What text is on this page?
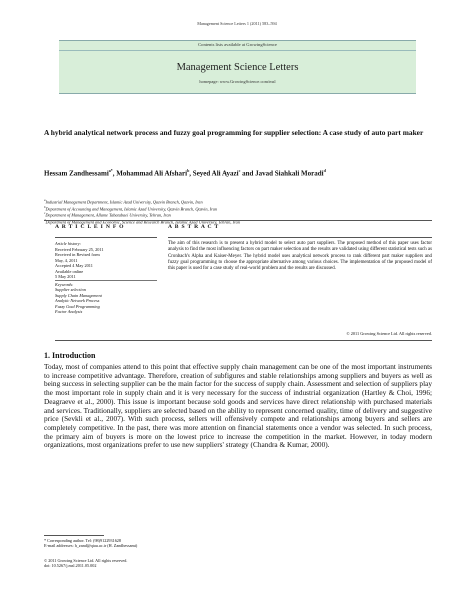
Management Science Letters 1 (2011) 583–594
Contents lists available at GrowingScience
Management Science Letters
homepage: www.GrowingScience.com/msl
A hybrid analytical network process and fuzzy goal programming for supplier selection: A case study of auto part maker
Hessam Zandhessami$^{a*}$, Mohammad Ali Afshari$^b$, Seyed Ali Ayazi$^c$ and Javad Siahkali Moradi$^d$
$^a$Industrial Management Department, Islamic Azad University, Qazvin Branch, Qazvin, Iran
$^b$Department of Accounting and Management, Islamic Azad University, Qazvin Branch, Qazvin, Iran
$^c$Department of Management, Allame Tabatabaei University, Tehran, Iran
Department of Management and Economic, Science and Research Branch, Islamic Azad University, Tehran, Iran
A R T I C L E I N F O	A B S T R A C T
Article history:
Received February 25, 2011
Received in Revised form
May, 4, 2011
Accepted 4 May 2011
Available online
5 May 2011
Keywords:
Supplier selection
Supply Chain Management
Analytic Network Process
Fuzzy Goal Programming
Factor Analysis
The aim of this research is to present a hybrid model to select auto part suppliers. The proposed method of this paper uses factor analysis to find the most influencing factors on part maker selection and the results are validated using different statistical tests such as Cronbach's Alpha and Kaiser-Meyer. The hybrid model uses analytical network process to rank different part maker suppliers and fuzzy goal programming to choose the appropriate alternative among various choices. The implementation of the proposed model of this paper is used for a case study of real-world problem and the results are discussed.
© 2011 Growing Science Ltd. All rights reserved.
1. Introduction
Today, most of companies attend to this point that effective supply chain management can be one of the most important instruments to increase competitive advantage. Therefore, creation of subfigures and stable relationships among suppliers and buyers as well as being success in selecting supplier can be the main factor for the success of supply chain. Assessment and selection of suppliers play the most important role in supply chain and it is very necessary for the success of industrial organization (Hartley & Choi, 1996; Deagraeve et al., 2000). This issue is important because sold goods and services have direct relationship with purchased materials and services. Traditionally, suppliers are selected based on the ability to represent concerned quality, time of delivery and suggestive price (Sevkli et al., 2007). With such process, sellers will offensively compete and relationships among buyers and sellers are completely competitive. In the past, there was more attention on financial statements once a vendor was selected. In such process, the primary aim of buyers is more on the lowest price to increase the competition in the market. However, in today modern organizations, most organizations prefer to use new suppliers' strategy (Chandra & Kumar, 2000).
* Corresponding author. Tel: (98)9122931628
E-mail addresses: h_zand@qiau.ac.ir (H. Zandhessami)
© 2011 Growing Science Ltd. All rights reserved.
doi: 10.5267/j.msl.2011.05.002
